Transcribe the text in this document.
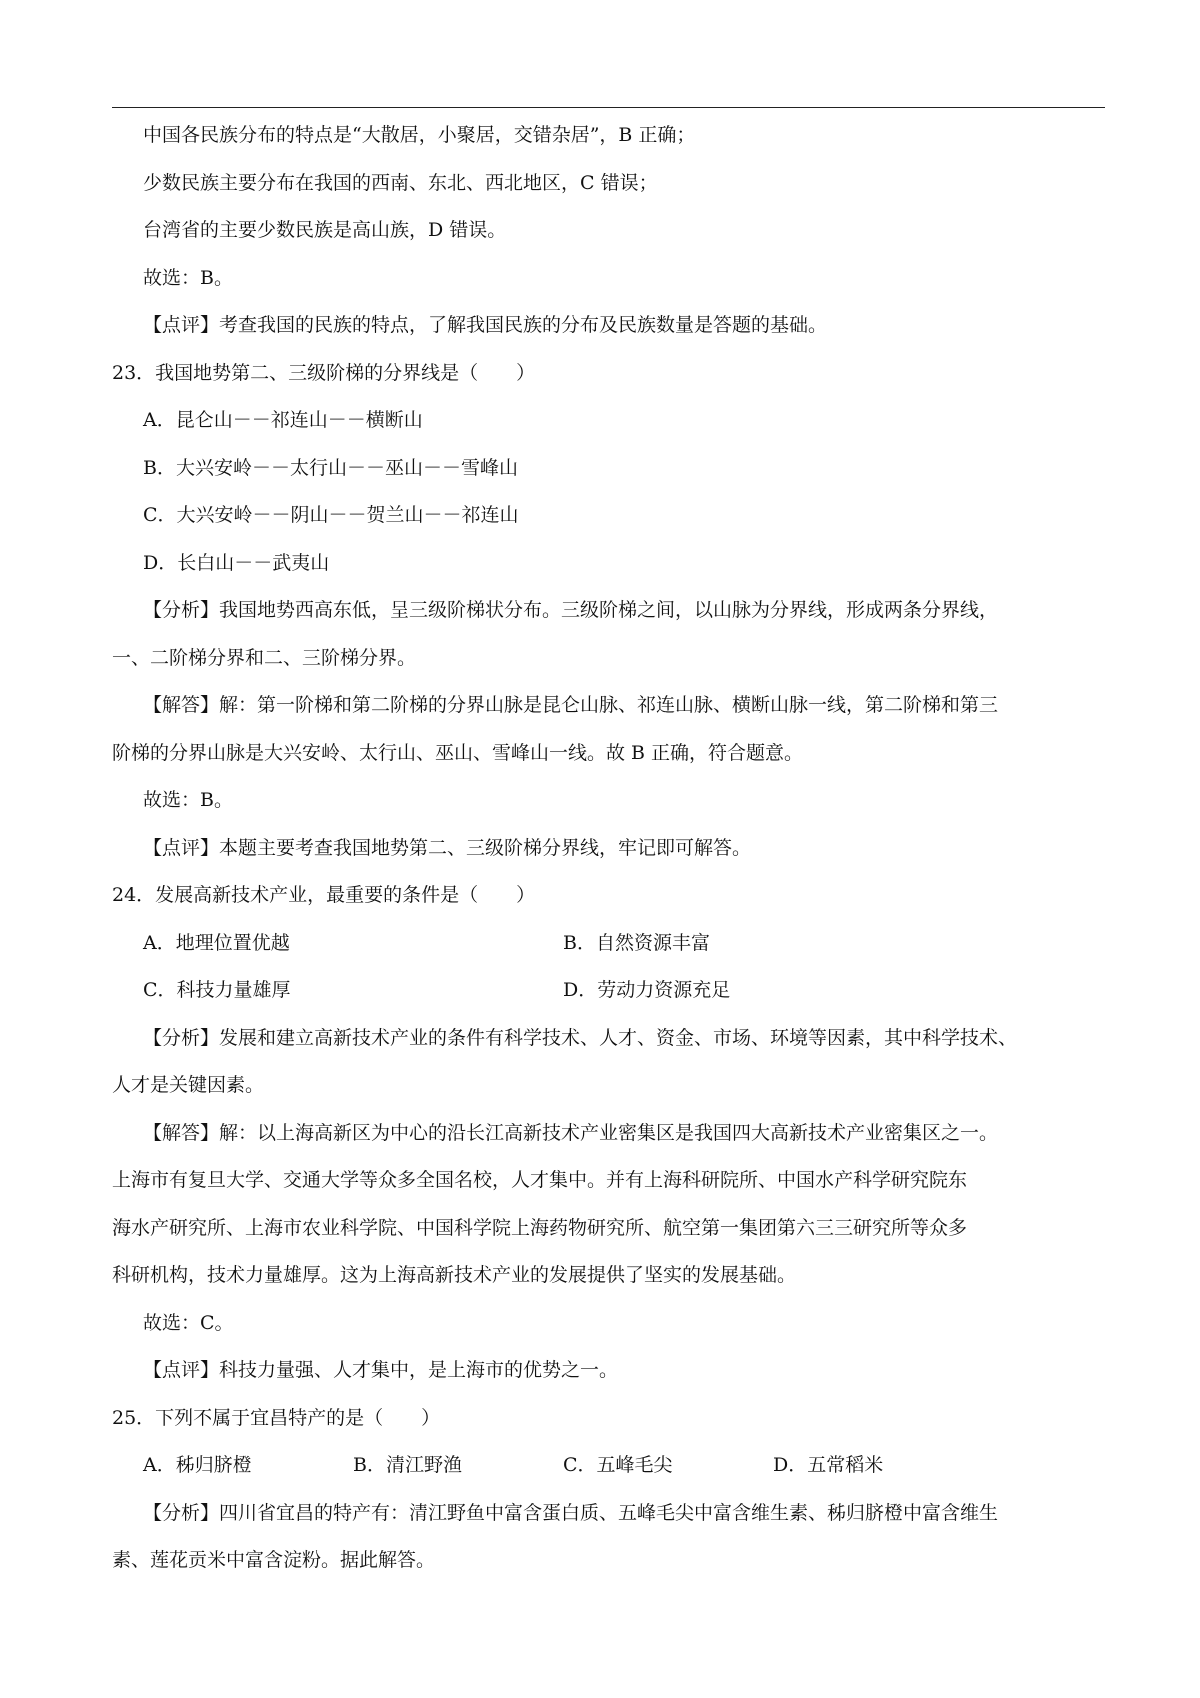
中国各民族分布的特点是“大散居，小聚居，交错杂居”，B 正确；
少数民族主要分布在我国的西南、东北、西北地区，C 错误；
台湾省的主要少数民族是高山族，D 错误。
故选：B。
【点评】考查我国的民族的特点，了解我国民族的分布及民族数量是答题的基础。
23．我国地势第二、三级阶梯的分界线是（　　）
A．昆仑山－－祁连山－－横断山
B．大兴安岭－－太行山－－巫山－－雪峰山
C．大兴安岭－－阴山－－贺兰山－－祁连山
D．长白山－－武夷山
【分析】我国地势西高东低，呈三级阶梯状分布。三级阶梯之间，以山脉为分界线，形成两条分界线，
一、二阶梯分界和二、三阶梯分界。
【解答】解：第一阶梯和第二阶梯的分界山脉是昆仑山脉、祁连山脉、横断山脉一线，第二阶梯和第三
阶梯的分界山脉是大兴安岭、太行山、巫山、雪峰山一线。故 B 正确，符合题意。
故选：B。
【点评】本题主要考查我国地势第二、三级阶梯分界线，牢记即可解答。
24．发展高新技术产业，最重要的条件是（　　）
A．地理位置优越	B．自然资源丰富
C．科技力量雄厚	D．劳动力资源充足
【分析】发展和建立高新技术产业的条件有科学技术、人才、资金、市场、环境等因素，其中科学技术、
人才是关键因素。
【解答】解：以上海高新区为中心的沿长江高新技术产业密集区是我国四大高新技术产业密集区之一。
上海市有复旦大学、交通大学等众多全国名校，人才集中。并有上海科研院所、中国水产科学研究院东
海水产研究所、上海市农业科学院、中国科学院上海药物研究所、航空第一集团第六三三研究所等众多
科研机构，技术力量雄厚。这为上海高新技术产业的发展提供了坚实的发展基础。
故选：C。
【点评】科技力量强、人才集中，是上海市的优势之一。
25．下列不属于宜昌特产的是（　　）
A．秭归脐橙	B．清江野渔	C．五峰毛尖	D．五常稻米
【分析】四川省宜昌的特产有：清江野鱼中富含蛋白质、五峰毛尖中富含维生素、秭归脐橙中富含维生
素、莲花贡米中富含淀粉。据此解答。
